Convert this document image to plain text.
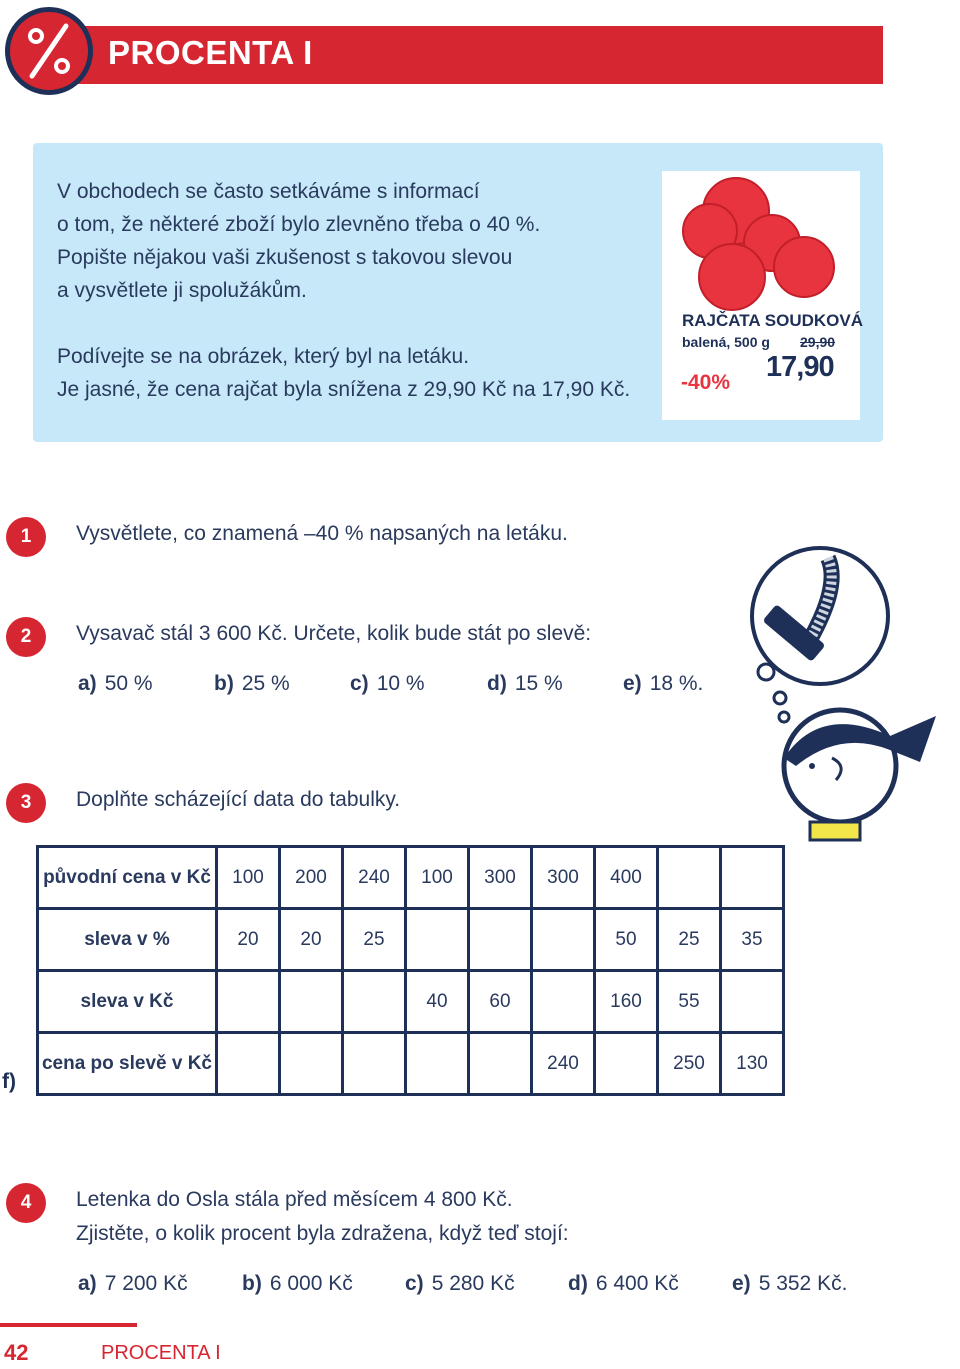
PROCENTA I
V obchodech se často setkáváme s informací
o tom, že některé zboží bylo zlevněno třeba o 40 %.
Popište nějakou vaši zkušenost s takovou slevou
a vysvětlete ji spolužákům.
Podívejte se na obrázek, který byl na letáku.
Je jasné, že cena rajčat byla snížena z 29,90 Kč na 17,90 Kč.
RAJČATA SOUDKOVÁ
balená, 500 g 29,90
17,90
-40%
1	Vysvětlete, co znamená –40 % napsaných na letáku.
2	Vysavač stál 3 600 Kč. Určete, kolik bude stát po slevě:
a) 50 %	b) 25 %	c) 10 %	d) 15 %	e) 18 %.
3	Doplňte scházející data do tabulky.
původní cena v Kč	100	200	240	100	300	300	400		
sleva v %	20	20	25				50	25	35
sleva v Kč				40	60		160	55	
cena po slevě v Kč						240		250	130
f)
4	Letenka do Osla stála před měsícem 4 800 Kč.
Zjistěte, o kolik procent byla zdražena, když teď stojí:
a) 7 200 Kč	b) 6 000 Kč c) 5 280 Kč	d) 6 400 Kč	e) 5 352 Kč.
42	PROCENTA I
